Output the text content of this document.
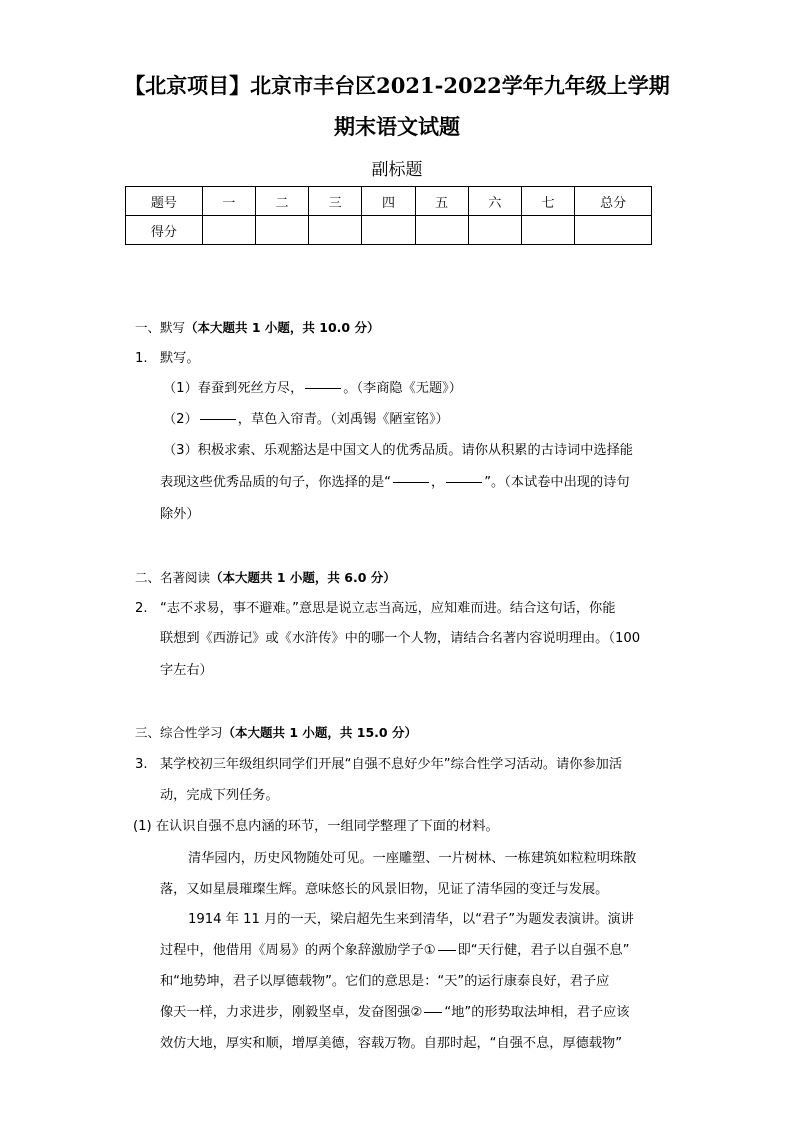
【北京项目】北京市丰台区2021-2022学年九年级上学期
期末语文试题
副标题
题号	一	二	三	四	五	六	七	总分
得分								
一、默写（本大题共 1 小题，共 10.0 分）
1. 默写。
（1）春蚕到死丝方尽，	。（李商隐《无题》）
（2）	，草色入帘青。（刘禹锡《陋室铭》）
（3）积极求索、乐观豁达是中国文人的优秀品质。请你从积累的古诗词中选择能
表现这些优秀品质的句子，你选择的是“	，	”。（本试卷中出现的诗句
除外）
二、名著阅读（本大题共 1 小题，共 6.0 分）
2. “志不求易，事不避难。”意思是说立志当高远，应知难而进。结合这句话，你能
联想到《西游记》或《水浒传》中的哪一个人物，请结合名著内容说明理由。（100
字左右）
三、综合性学习（本大题共 1 小题，共 15.0 分）
3. 某学校初三年级组织同学们开展“自强不息好少年”综合性学习活动。请你参加活
动，完成下列任务。
(1) 在认识自强不息内涵的环节，一组同学整理了下面的材料。
清华园内，历史风物随处可见。一座雕塑、一片树林、一栋建筑如粒粒明珠散
落，又如星晨璀璨生辉。意味悠长的风景旧物，见证了清华园的变迁与发展。
1914 年 11 月的一天，梁启超先生来到清华，以“君子”为题发表演讲。演讲
过程中，他借用《周易》的两个象辞激励学子① 即“天行健，君子以自强不息”
和“地势坤，君子以厚德载物”。它们的意思是：“天”的运行康泰良好，君子应
像天一样，力求进步，刚毅坚卓，发奋图强② “地”的形势取法坤相，君子应该
效仿大地，厚实和顺，增厚美德，容载万物。自那时起，“自强不息，厚德载物”
